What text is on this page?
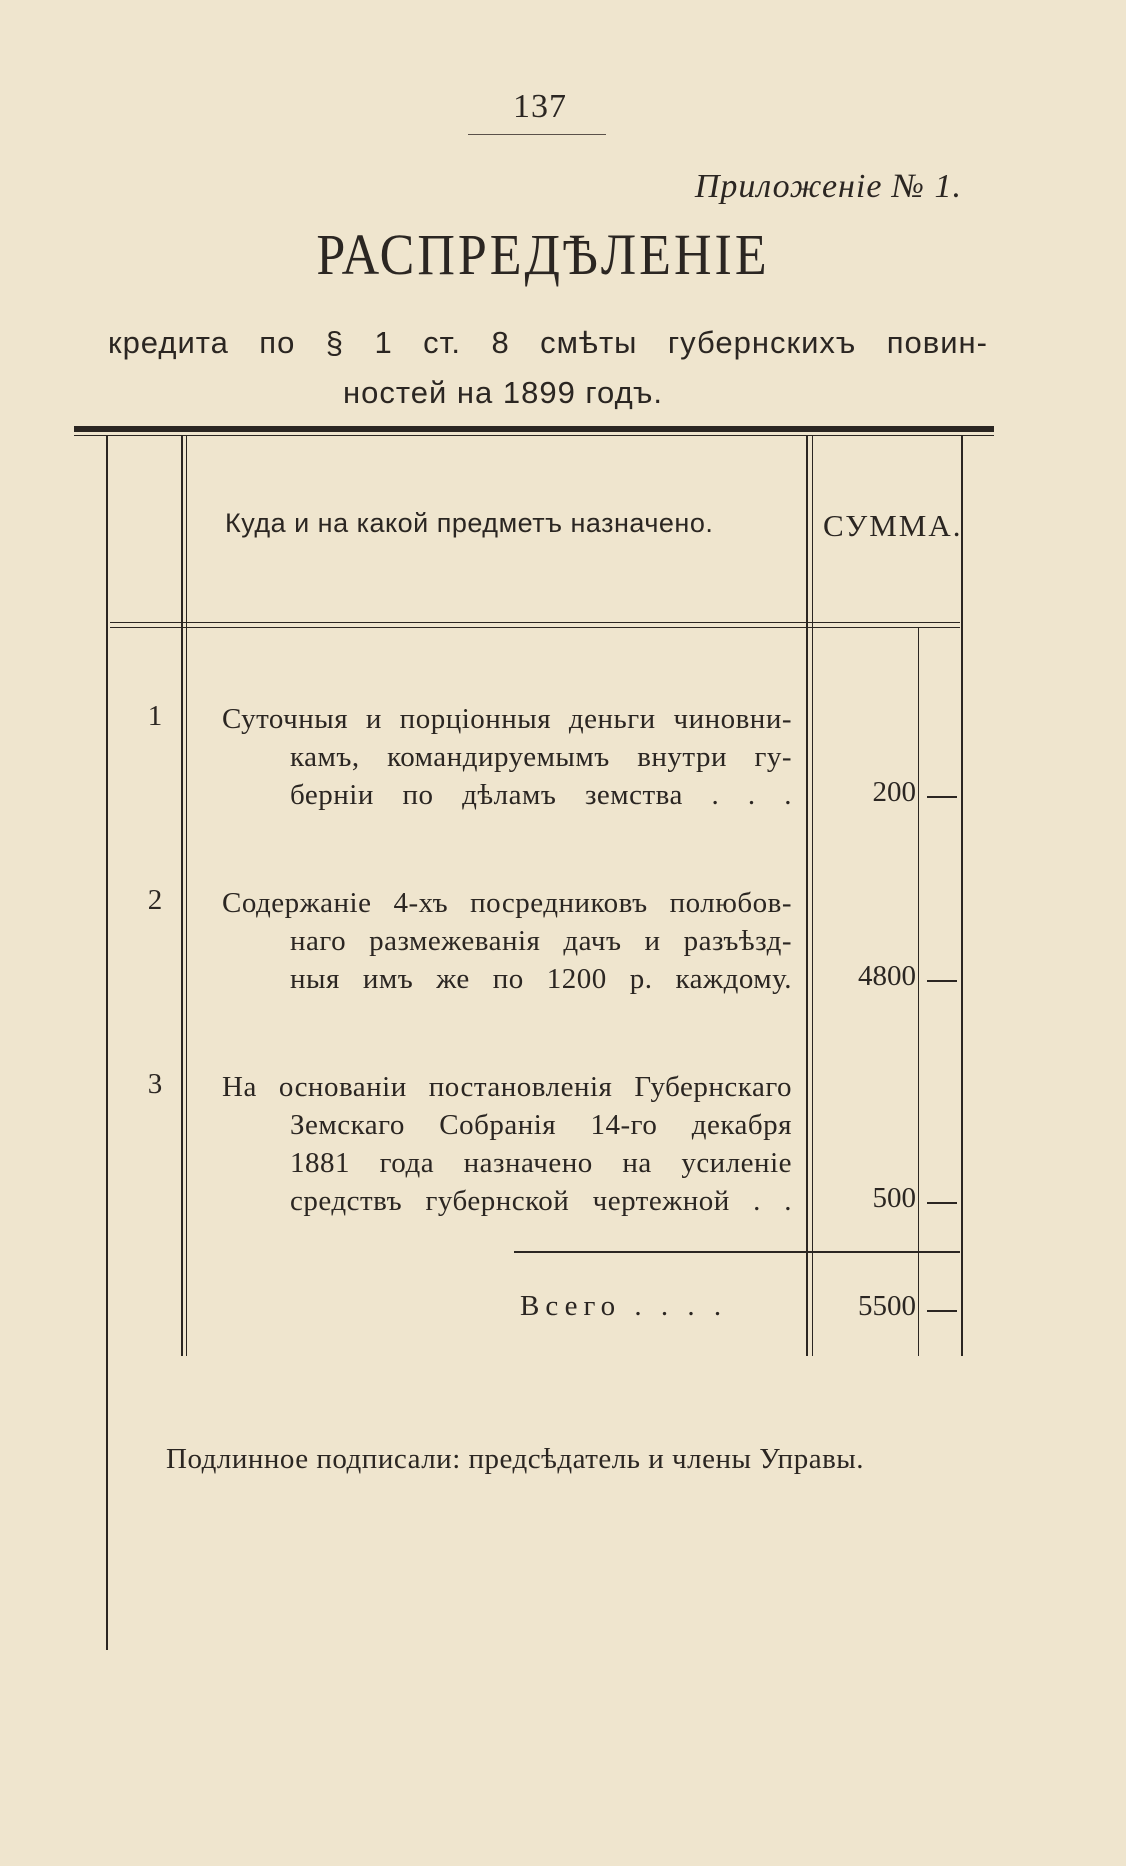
137
Приложеніе № 1.
РАСПРЕДѢЛЕНІЕ
кредита по § 1 ст. 8 смѣты губернскихъ повин-
ностей на 1899 годъ.
Куда и на какой предметъ назначено.	СУММА.
1	Суточныя и порціонныя деньги чиновни-
камъ, командируемымъ внутри гу-
берніи по дѣламъ земства . . .	200
2	Содержаніе 4-хъ посредниковъ полюбов-
наго размежеванія дачъ и разъѣзд-
ныя имъ же по 1200 р. каждому.	4800
3	На основаніи постановленія Губернскаго
Земскаго Собранія 14-го декабря
1881 года назначено на усиленіе
средствъ губернской чертежной . .	500
Всего . . . .	5500
Подлинное подписали: предсѣдатель и члены Управы.
